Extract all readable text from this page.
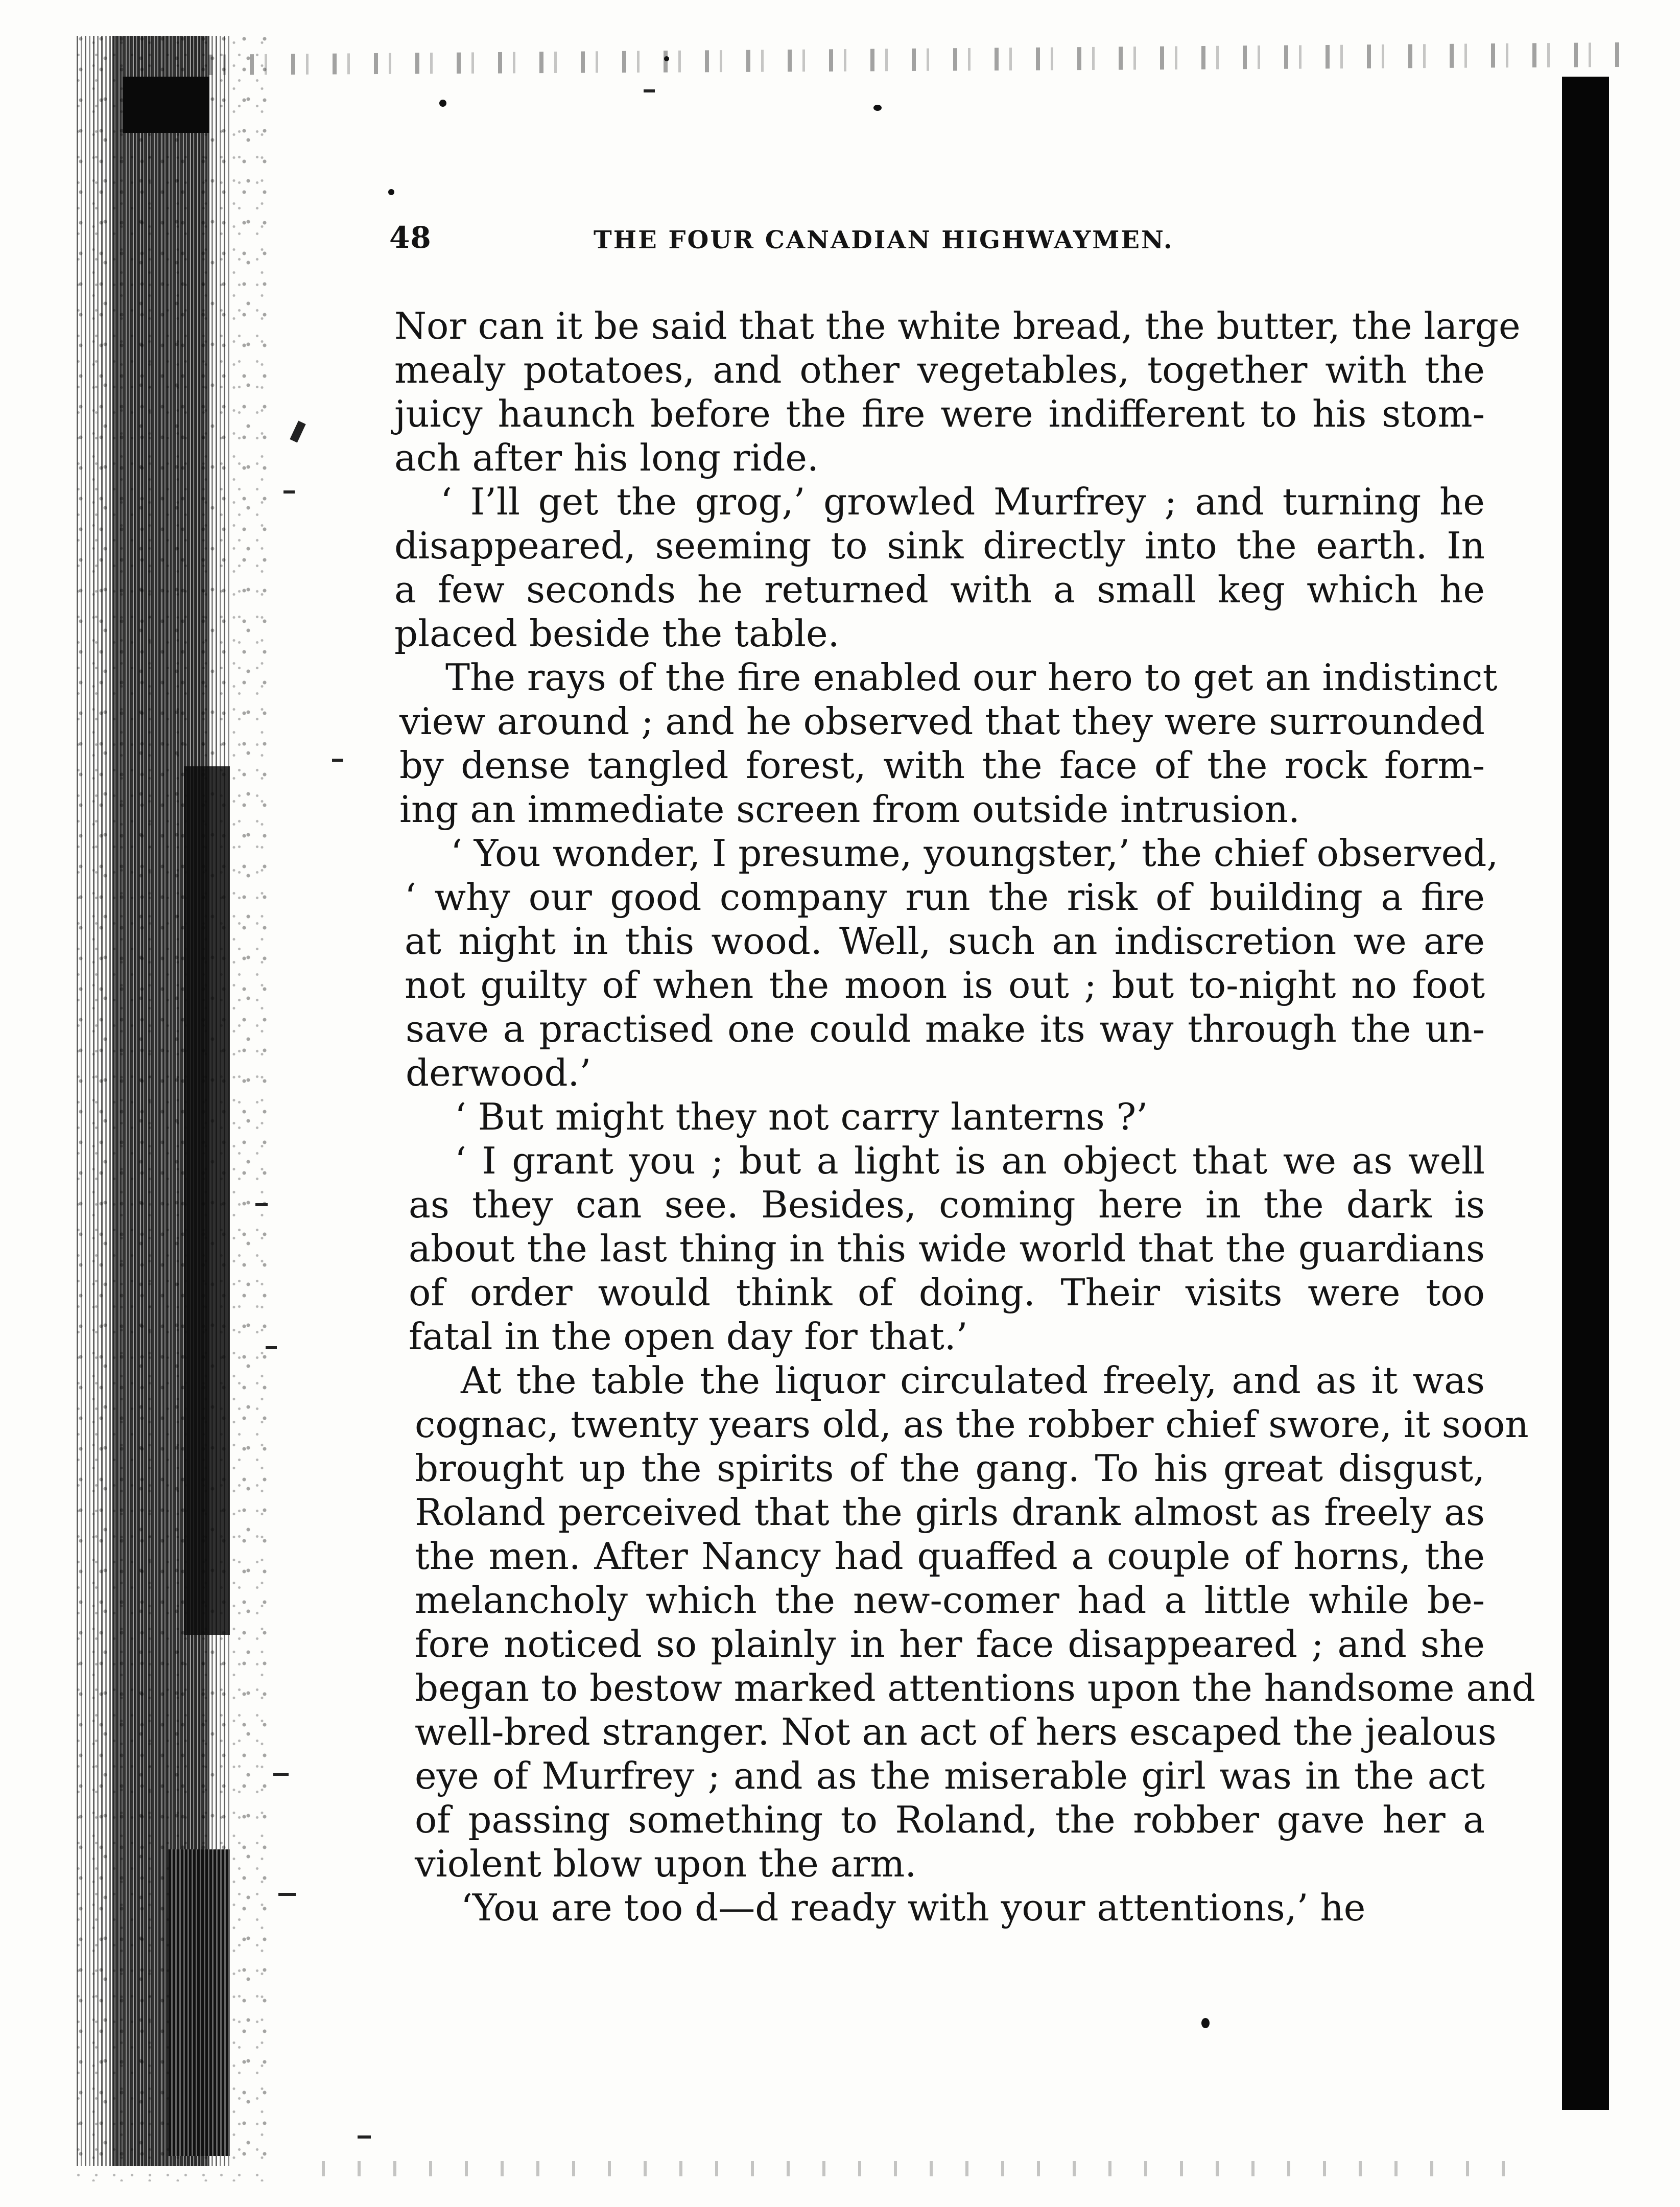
48	THE FOUR CANADIAN HIGHWAYMEN.
Nor can it be said that the white bread, the butter, the large
mealy potatoes, and other vegetables, together with the
juicy haunch before the fire were indifferent to his stom-
ach after his long ride.
‘ I’ll get the grog,’ growled Murfrey ; and turning he
disappeared, seeming to sink directly into the earth. In
a few seconds he returned with a small keg which he
placed beside the table.
The rays of the fire enabled our hero to get an indistinct
view around ; and he observed that they were surrounded
by dense tangled forest, with the face of the rock form-
ing an immediate screen from outside intrusion.
‘ You wonder, I presume, youngster,’ the chief observed,
‘ why our good company run the risk of building a fire
at night in this wood. Well, such an indiscretion we are
not guilty of when the moon is out ; but to-night no foot
save a practised one could make its way through the un-
derwood.’
‘ But might they not carry lanterns ?’
‘ I grant you ; but a light is an object that we as well
as they can see. Besides, coming here in the dark is
about the last thing in this wide world that the guardians
of order would think of doing. Their visits were too
fatal in the open day for that.’
At the table the liquor circulated freely, and as it was
cognac, twenty years old, as the robber chief swore, it soon
brought up the spirits of the gang. To his great disgust,
Roland perceived that the girls drank almost as freely as
the men. After Nancy had quaffed a couple of horns, the
melancholy which the new-comer had a little while be-
fore noticed so plainly in her face disappeared ; and she
began to bestow marked attentions upon the handsome and
well-bred stranger. Not an act of hers escaped the jealous
eye of Murfrey ; and as the miserable girl was in the act
of passing something to Roland, the robber gave her a
violent blow upon the arm.
‘You are too d—d ready with your attentions,’ he
